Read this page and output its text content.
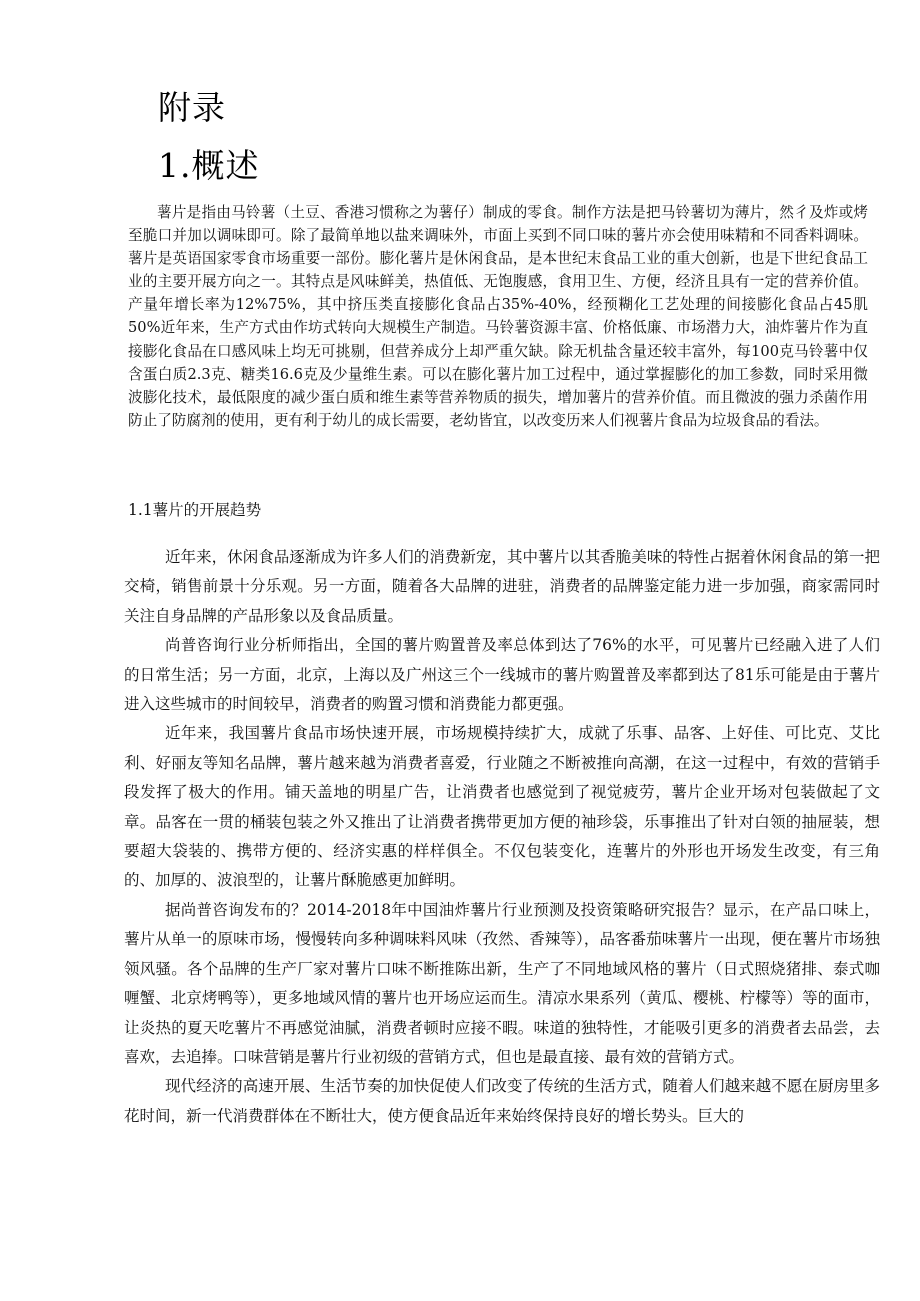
附录
1.概述

薯片是指由马铃薯（土豆、香港习惯称之为薯仔）制成的零食。制作方法是把马铃薯切为薄片，然彳及炸或烤至脆口并加以调味即可。除了最简单地以盐来调味外，市面上买到不同口味的薯片亦会使用味精和不同香料调味。薯片是英语国家零食市场重要一部份。膨化薯片是休闲食品，是本世纪末食品工业的重大创新，也是下世纪食品工业的主要开展方向之一。其特点是风味鲜美，热值低、无饱腹感，食用卫生、方便，经济且具有一定的营养价值。产量年增长率为12%75%，其中挤压类直接膨化食品占35%-40%，经预糊化工艺处理的间接膨化食品占45肌50%近年来，生产方式由作坊式转向大规模生产制造。马铃薯资源丰富、价格低廉、市场潜力大，油炸薯片作为直接膨化食品在口感风味上均无可挑剔，但营养成分上却严重欠缺。除无机盐含量还较丰富外，每100克马铃薯中仅含蛋白质2.3克、糖类16.6克及少量维生素。可以在膨化薯片加工过程中，通过掌握膨化的加工参数，同时采用微波膨化技术，最低限度的减少蛋白质和维生素等营养物质的损失，增加薯片的营养价值。而且微波的强力杀菌作用防止了防腐剂的使用，更有利于幼儿的成长需要，老幼皆宜，以改变历来人们视薯片食品为垃圾食品的看法。

1.1薯片的开展趋势

近年来，休闲食品逐渐成为许多人们的消费新宠，其中薯片以其香脆美味的特性占据着休闲食品的第一把交椅，销售前景十分乐观。另一方面，随着各大品牌的进驻，消费者的品牌鉴定能力进一步加强，商家需同时关注自身品牌的产品形象以及食品质量。

尚普咨询行业分析师指出，全国的薯片购置普及率总体到达了76%的水平，可见薯片已经融入进了人们的日常生活；另一方面，北京，上海以及广州这三个一线城市的薯片购置普及率都到达了81乐可能是由于薯片进入这些城市的时间较早，消费者的购置习惯和消费能力都更强。

近年来，我国薯片食品市场快速开展，市场规模持续扩大，成就了乐事、品客、上好佳、可比克、艾比利、好丽友等知名品牌，薯片越来越为消费者喜爱，行业随之不断被推向高潮，在这一过程中，有效的营销手段发挥了极大的作用。铺天盖地的明星广告，让消费者也感觉到了视觉疲劳，薯片企业开场对包装做起了文章。品客在一贯的桶装包装之外又推出了让消费者携带更加方便的袖珍袋，乐事推出了针对白领的抽屉装，想要超大袋装的、携带方便的、经济实惠的样样俱全。不仅包装变化，连薯片的外形也开场发生改变，有三角的、加厚的、波浪型的，让薯片酥脆感更加鲜明。

据尚普咨询发布的？2014-2018年中国油炸薯片行业预测及投资策略研究报告？显示，在产品口味上，薯片从单一的原味市场，慢慢转向多种调味料风味（孜然、香辣等），品客番茄味薯片一出现，便在薯片市场独领风骚。各个品牌的生产厂家对薯片口味不断推陈出新，生产了不同地域风格的薯片（日式照烧猪排、泰式咖喱蟹、北京烤鸭等），更多地域风情的薯片也开场应运而生。清凉水果系列（黄瓜、樱桃、柠檬等）等的面市，让炎热的夏天吃薯片不再感觉油腻，消费者顿时应接不暇。味道的独特性，才能吸引更多的消费者去品尝，去喜欢，去追捧。口味营销是薯片行业初级的营销方式，但也是最直接、最有效的营销方式。

现代经济的高速开展、生活节奏的加快促使人们改变了传统的生活方式，随着人们越来越不愿在厨房里多花时间，新一代消费群体在不断壮大，使方便食品近年来始终保持良好的增长势头。巨大的
